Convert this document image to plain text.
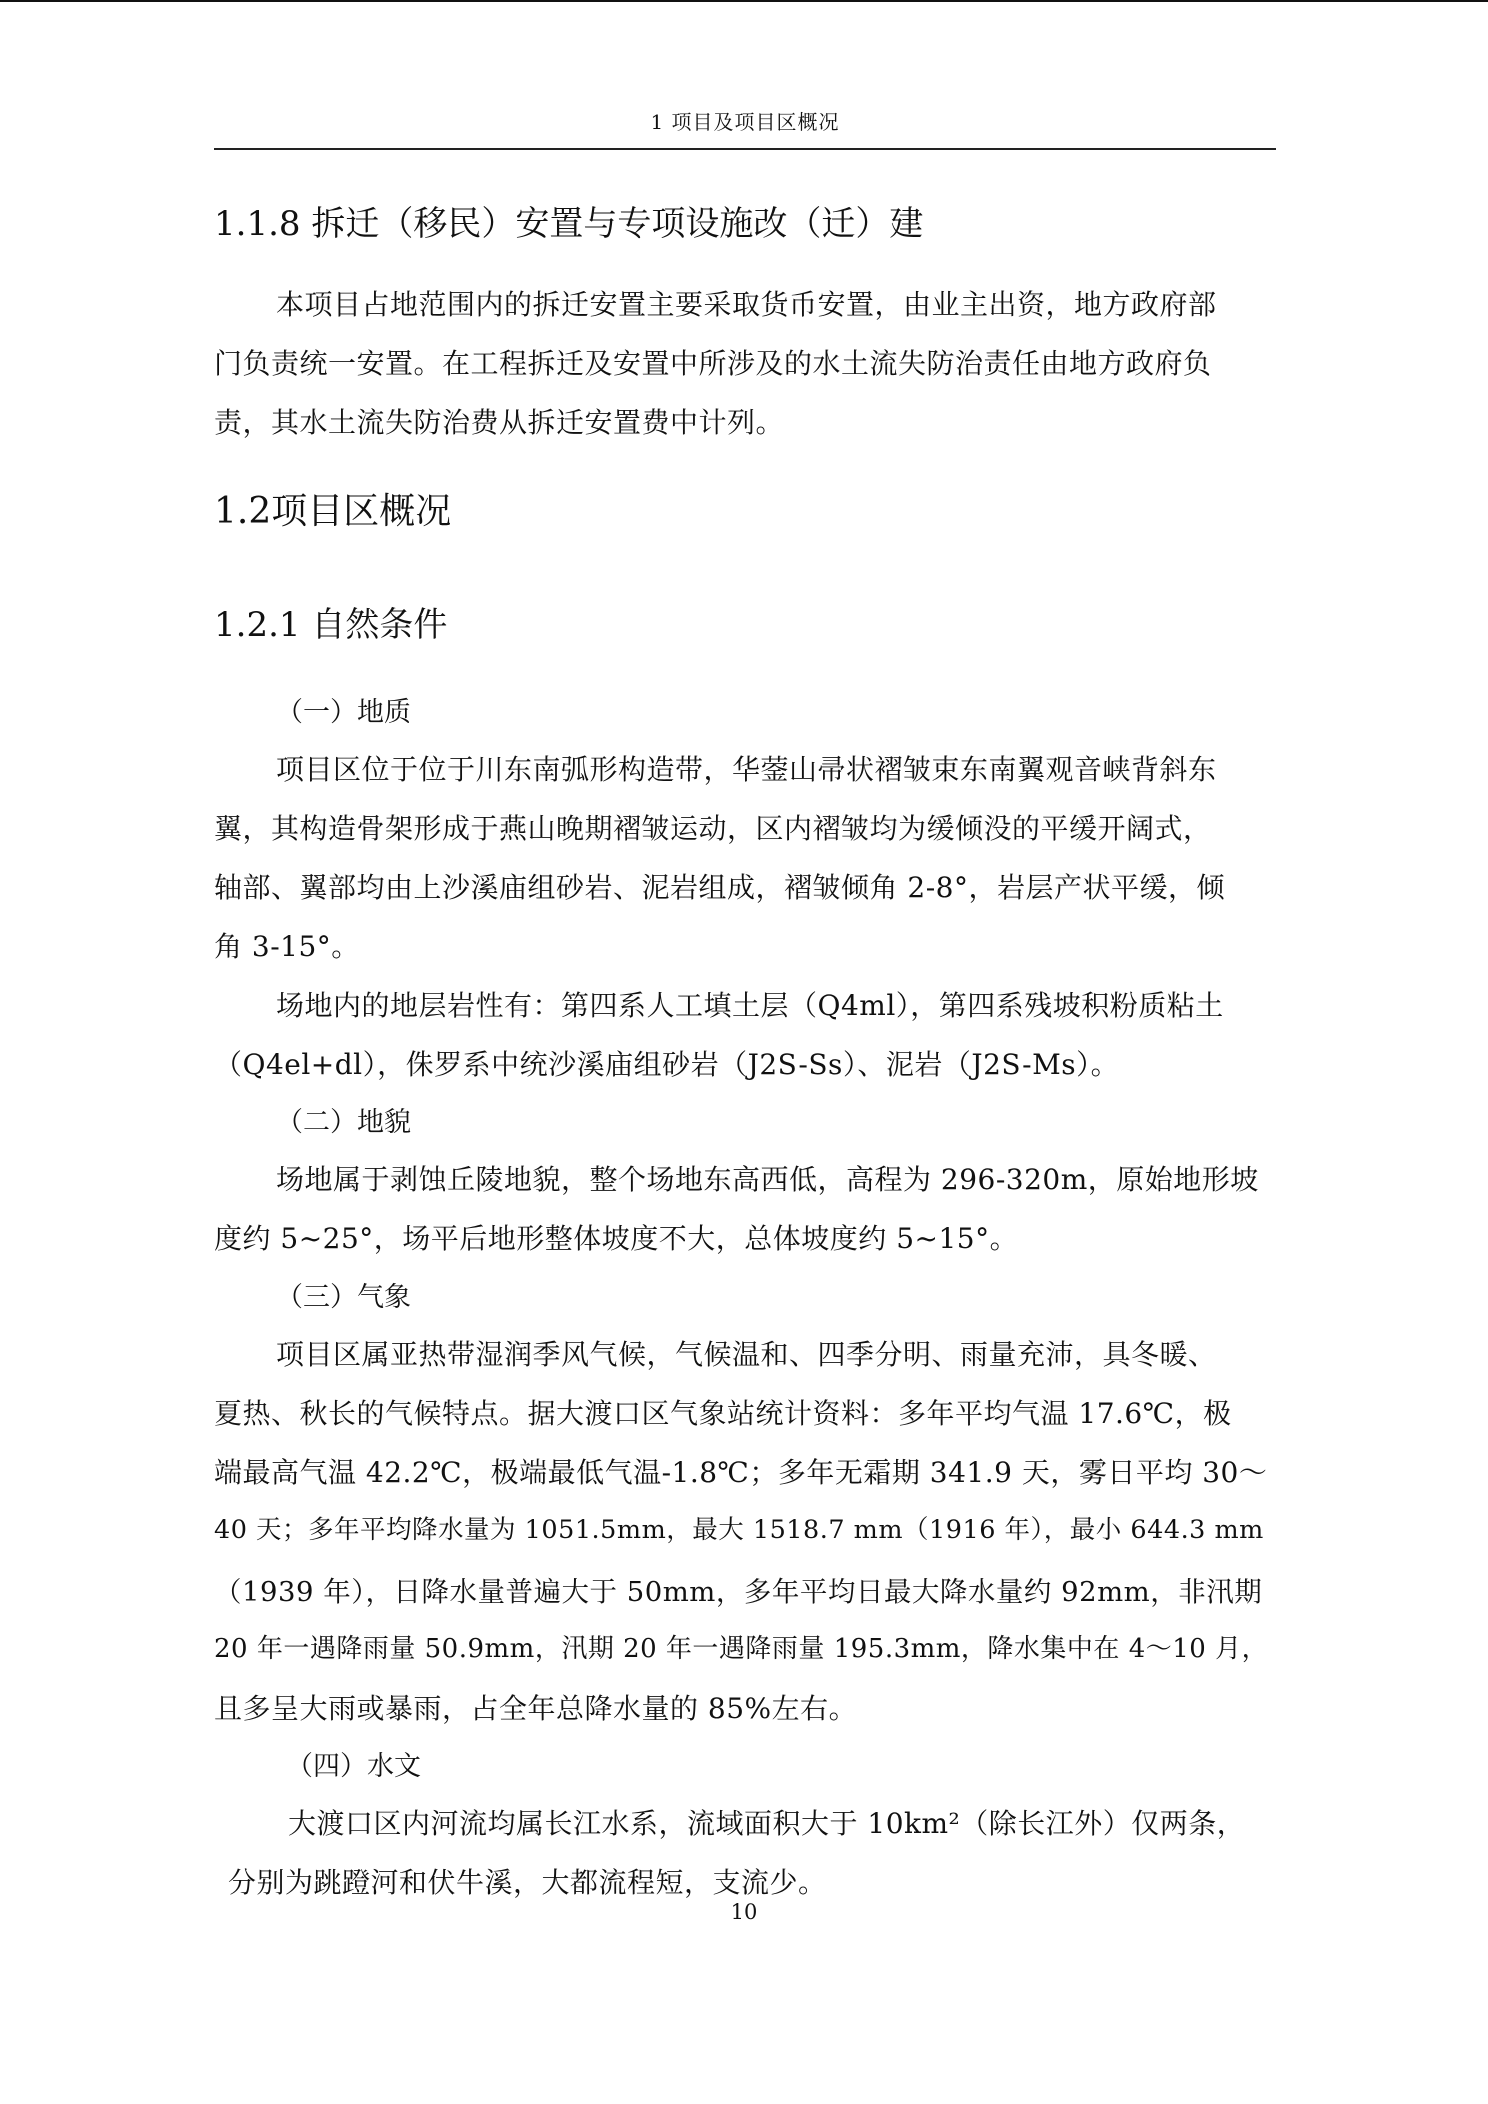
1 项目及项目区概况
1.1.8 拆迁（移民）安置与专项设施改（迁）建
本项目占地范围内的拆迁安置主要采取货币安置，由业主出资，地方政府部
门负责统一安置。在工程拆迁及安置中所涉及的水土流失防治责任由地方政府负
责，其水土流失防治费从拆迁安置费中计列。
1.2项目区概况
1.2.1 自然条件
（一）地质
项目区位于位于川东南弧形构造带，华蓥山帚状褶皱束东南翼观音峡背斜东
翼，其构造骨架形成于燕山晚期褶皱运动，区内褶皱均为缓倾没的平缓开阔式，
轴部、翼部均由上沙溪庙组砂岩、泥岩组成，褶皱倾角 2-8°，岩层产状平缓，倾
角 3-15°。
场地内的地层岩性有：第四系人工填土层（Q4ml），第四系残坡积粉质粘土
（Q4el+dl），侏罗系中统沙溪庙组砂岩（J2S-Ss）、泥岩（J2S-Ms）。
（二）地貌
场地属于剥蚀丘陵地貌，整个场地东高西低，高程为 296-320m，原始地形坡
度约 5~25°，场平后地形整体坡度不大，总体坡度约 5~15°。
（三）气象
项目区属亚热带湿润季风气候，气候温和、四季分明、雨量充沛，具冬暖、
夏热、秋长的气候特点。据大渡口区气象站统计资料：多年平均气温 17.6℃，极
端最高气温 42.2℃，极端最低气温-1.8℃；多年无霜期 341.9 天，雾日平均 30～
40 天；多年平均降水量为 1051.5mm，最大 1518.7 mm（1916 年），最小 644.3 mm
（1939 年），日降水量普遍大于 50mm，多年平均日最大降水量约 92mm，非汛期
20 年一遇降雨量 50.9mm，汛期 20 年一遇降雨量 195.3mm，降水集中在 4～10 月，
且多呈大雨或暴雨，占全年总降水量的 85%左右。
（四）水文
大渡口区内河流均属长江水系，流域面积大于 10km²（除长江外）仅两条，
分别为跳蹬河和伏牛溪，大都流程短，支流少。
10
